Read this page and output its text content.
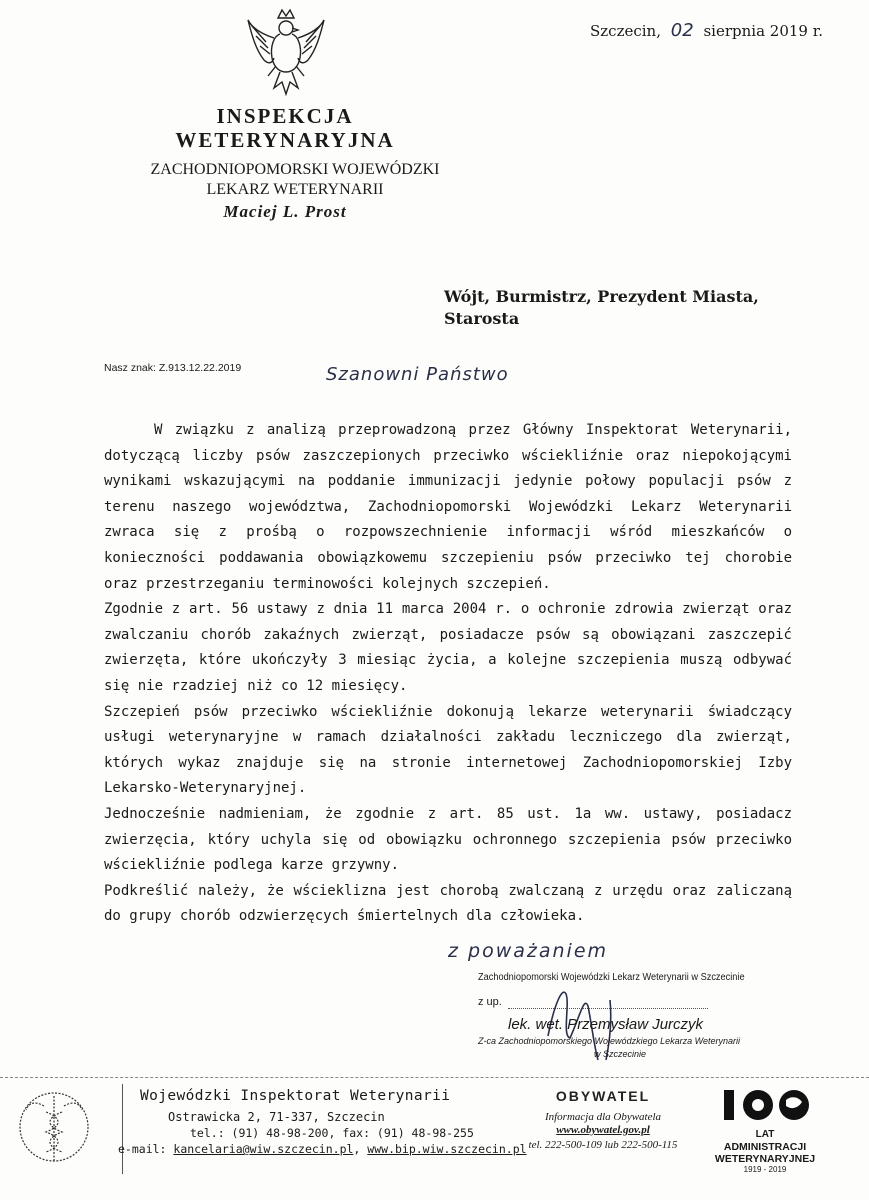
INSPEKCJA
WETERYNARYJNA
ZACHODNIOPOMORSKI WOJEWÓDZKI
LEKARZ WETERYNARII
Maciej L. Prost
Szczecin, 02 sierpnia 2019 r.
Wójt, Burmistrz, Prezydent Miasta,
Starosta
Nasz znak: Z.913.12.22.2019	Szanowni Państwo

W związku z analizą przeprowadzoną przez Główny Inspektorat Weterynarii, dotyczącą liczby psów zaszczepionych przeciwko wściekliźnie oraz niepokojącymi wynikami wskazującymi na poddanie immunizacji jedynie połowy populacji psów z terenu naszego województwa, Zachodniopomorski Wojewódzki Lekarz Weterynarii zwraca się z prośbą o rozpowszechnienie informacji wśród mieszkańców o konieczności poddawania obowiązkowemu szczepieniu psów przeciwko tej chorobie oraz przestrzeganiu terminowości kolejnych szczepień.

Zgodnie z art. 56 ustawy z dnia 11 marca 2004 r. o ochronie zdrowia zwierząt oraz zwalczaniu chorób zakaźnych zwierząt, posiadacze psów są obowiązani zaszczepić zwierzęta, które ukończyły 3 miesiąc życia, a kolejne szczepienia muszą odbywać się nie rzadziej niż co 12 miesięcy.

Szczepień psów przeciwko wściekliźnie dokonują lekarze weterynarii świadczący usługi weterynaryjne w ramach działalności zakładu leczniczego dla zwierząt, których wykaz znajduje się na stronie internetowej Zachodniopomorskiej Izby Lekarsko-Weterynaryjnej.

Jednocześnie nadmieniam, że zgodnie z art. 85 ust. 1a ww. ustawy, posiadacz zwierzęcia, który uchyla się od obowiązku ochronnego szczepienia psów przeciwko wściekliźnie podlega karze grzywny.

Podkreślić należy, że wścieklizna jest chorobą zwalczaną z urzędu oraz zaliczaną do grupy chorób odzwierzęcych śmiertelnych dla człowieka.

z poważaniem
Zachodniopomorski Wojewódzki Lekarz Weterynarii w Szczecinie
z up.
lek. wet. Przemysław Jurczyk
Z-ca Zachodniopomorskiego Wojewódzkiego Lekarza Weterynarii
w Szczecinie
Wojewódzki Inspektorat Weterynarii
Ostrawicka 2, 71-337, Szczecin
tel.: (91) 48-98-200, fax: (91) 48-98-255
e-mail: kancelaria@wiw.szczecin.pl, www.bip.wiw.szczecin.pl
OBYWATEL
Informacja dla Obywatela
www.obywatel.gov.pl
tel. 222-500-109 lub 222-500-115
LAT
ADMINISTRACJI
WETERYNARYJNEJ
1919 - 2019
